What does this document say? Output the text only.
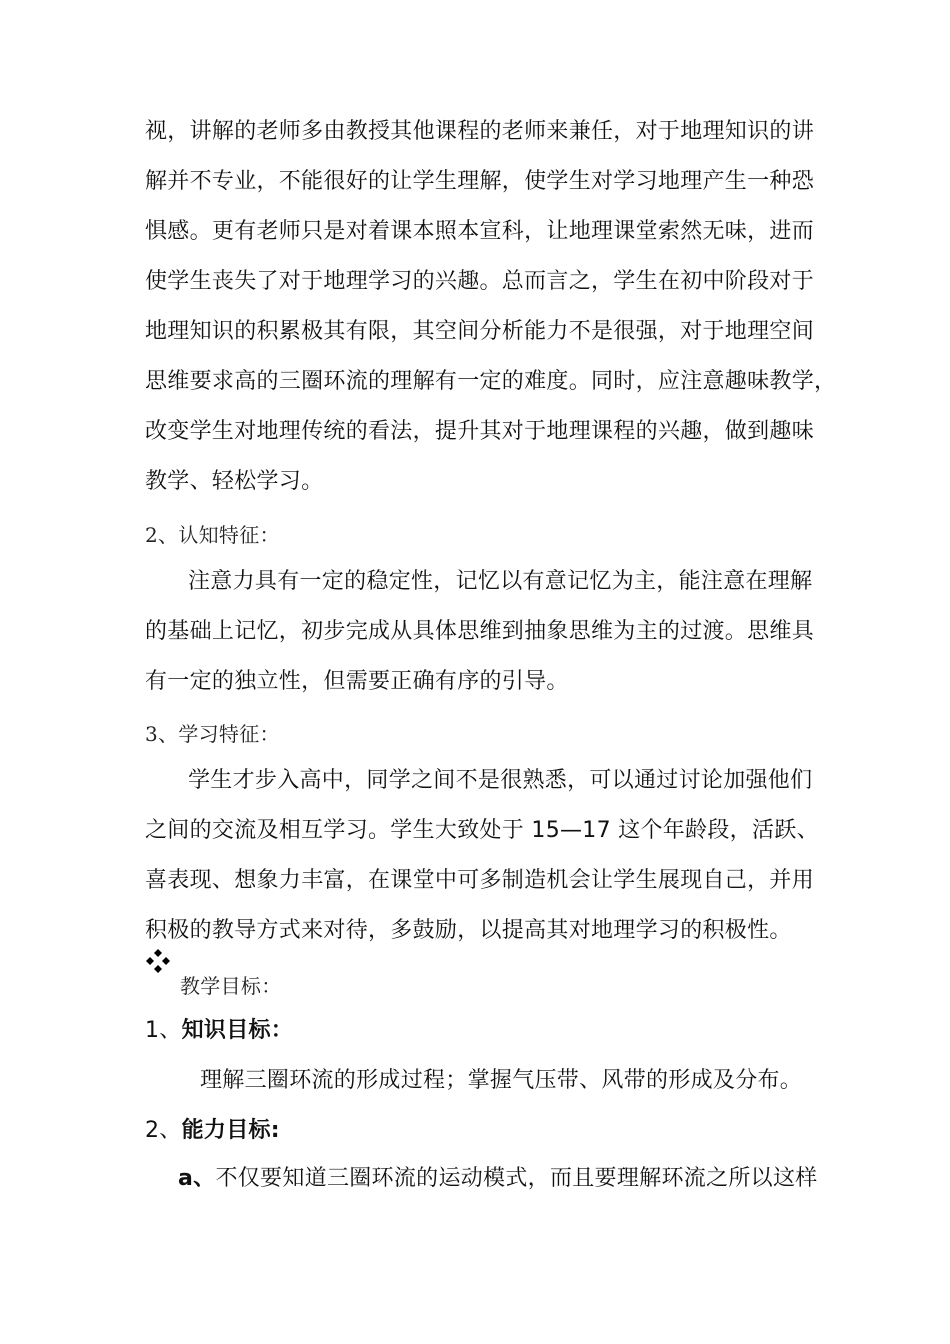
视，讲解的老师多由教授其他课程的老师来兼任，对于地理知识的讲
解并不专业，不能很好的让学生理解，使学生对学习地理产生一种恐
惧感。更有老师只是对着课本照本宣科，让地理课堂索然无味，进而
使学生丧失了对于地理学习的兴趣。总而言之，学生在初中阶段对于
地理知识的积累极其有限，其空间分析能力不是很强，对于地理空间
思维要求高的三圈环流的理解有一定的难度。同时，应注意趣味教学，
改变学生对地理传统的看法，提升其对于地理课程的兴趣，做到趣味
教学、轻松学习。
2、认知特征：
注意力具有一定的稳定性，记忆以有意记忆为主，能注意在理解
的基础上记忆，初步完成从具体思维到抽象思维为主的过渡。思维具
有一定的独立性，但需要正确有序的引导。
3、学习特征：
学生才步入高中，同学之间不是很熟悉，可以通过讨论加强他们
之间的交流及相互学习。学生大致处于 15—17 这个年龄段，活跃、
喜表现、想象力丰富，在课堂中可多制造机会让学生展现自己，并用
积极的教导方式来对待，多鼓励，以提高其对地理学习的积极性。
教学目标：
1、知识目标：
理解三圈环流的形成过程；掌握气压带、风带的形成及分布。
2、能力目标:
a、不仅要知道三圈环流的运动模式，而且要理解环流之所以这样
